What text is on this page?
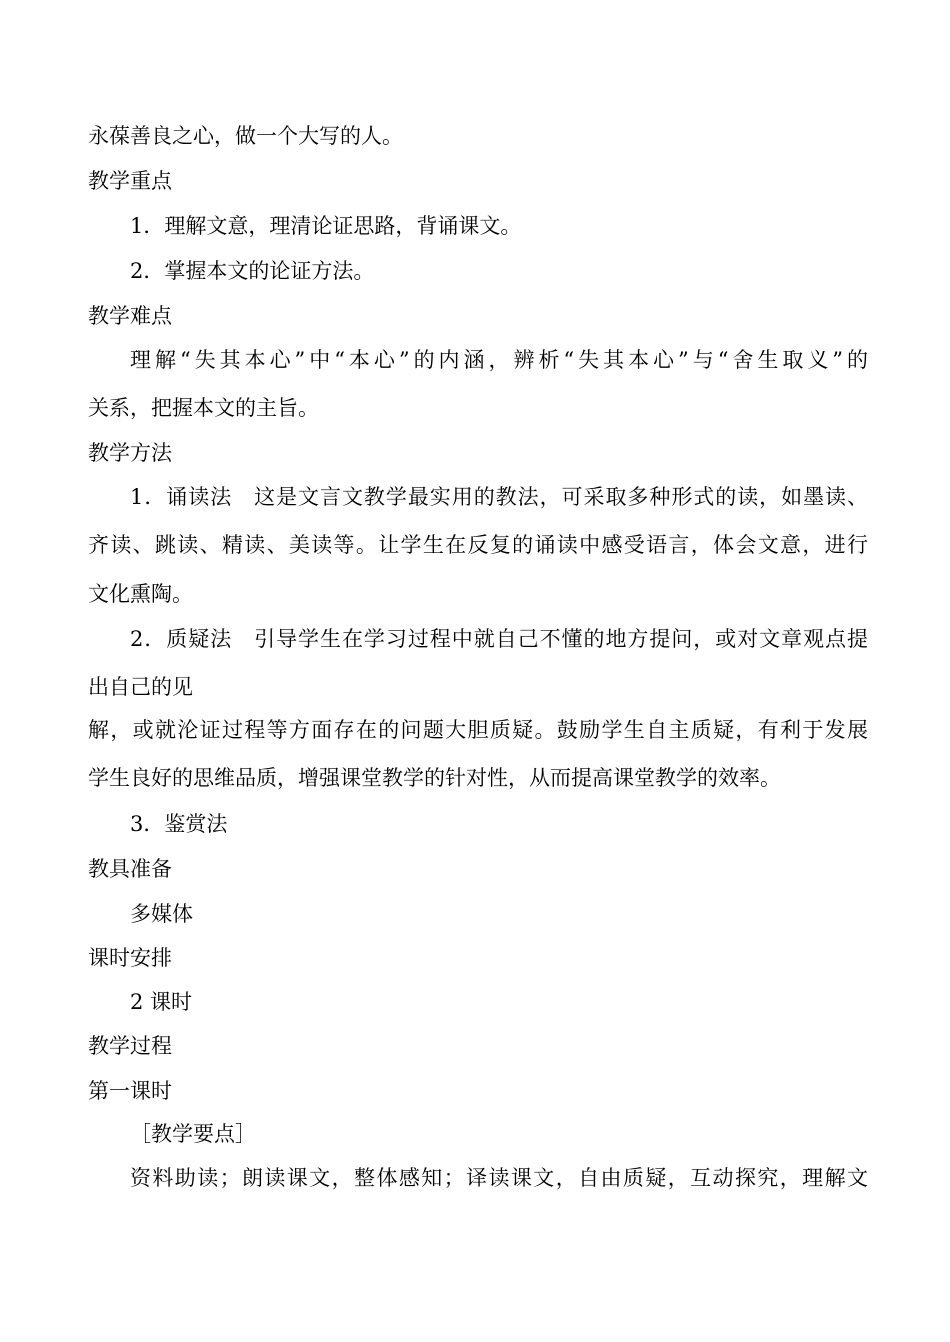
永葆善良之心，做一个大写的人。
教学重点
1．理解文意，理清论证思路，背诵课文。
2．掌握本文的论证方法。
教学难点
理解“失其本心”中“本心”的内涵，辨析“失其本心”与“舍生取义”的
关系，把握本文的主旨。
教学方法
1．诵读法　这是文言文教学最实用的教法，可采取多种形式的读，如墨读、
齐读、跳读、精读、美读等。让学生在反复的诵读中感受语言，体会文意，进行
文化熏陶。
2．质疑法　引导学生在学习过程中就自己不懂的地方提问，或对文章观点提
出自己的见
解，或就沦证过程等方面存在的问题大胆质疑。鼓励学生自主质疑，有利于发展
学生良好的思维品质，增强课堂教学的针对性，从而提高课堂教学的效率。
3．鉴赏法
教具准备
多媒体
课时安排
2 课时
教学过程
第一课时
［教学要点］
资料助读；朗读课文，整体感知；译读课文，自由质疑，互动探究，理解文
